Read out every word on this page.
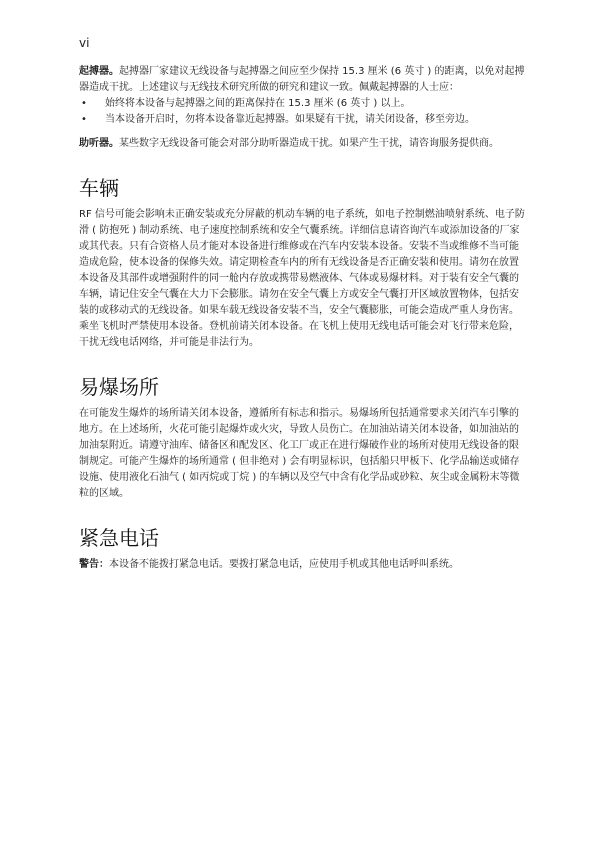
vi

起搏器。起搏器厂家建议无线设备与起搏器之间应至少保持 15.3 厘米 (6 英寸 ) 的距离，以免对起搏器造成干扰。上述建议与无线技术研究所做的研究和建议一致。佩戴起搏器的人士应：

• 始终将本设备与起搏器之间的距离保持在 15.3 厘米 (6 英寸 ) 以上。
• 当本设备开启时，勿将本设备靠近起搏器。如果疑有干扰，请关闭设备，移至旁边。

助听器。某些数字无线设备可能会对部分助听器造成干扰。如果产生干扰，请咨询服务提供商。

车辆

RF 信号可能会影响未正确安装或充分屏蔽的机动车辆的电子系统，如电子控制燃油喷射系统、电子防滑 ( 防抱死 ) 制动系统、电子速度控制系统和安全气囊系统。详细信息请咨询汽车或添加设备的厂家或其代表。只有合资格人员才能对本设备进行维修或在汽车内安装本设备。安装不当或维修不当可能造成危险，使本设备的保修失效。请定期检查车内的所有无线设备是否正确安装和使用。请勿在放置本设备及其部件或增强附件的同一舱内存放或携带易燃液体、气体或易爆材料。对于装有安全气囊的车辆，请记住安全气囊在大力下会膨胀。请勿在安全气囊上方或安全气囊打开区域放置物体，包括安装的或移动式的无线设备。如果车载无线设备安装不当，安全气囊膨胀，可能会造成严重人身伤害。乘坐飞机时严禁使用本设备。登机前请关闭本设备。在飞机上使用无线电话可能会对飞行带来危险，干扰无线电话网络，并可能是非法行为。

易爆场所

在可能发生爆炸的场所请关闭本设备，遵循所有标志和指示。易爆场所包括通常要求关闭汽车引擎的地方。在上述场所，火花可能引起爆炸或火灾，导致人员伤亡。在加油站请关闭本设备，如加油站的加油泵附近。请遵守油库、储备区和配发区、化工厂或正在进行爆破作业的场所对使用无线设备的限制规定。可能产生爆炸的场所通常 ( 但非绝对 ) 会有明显标识，包括船只甲板下、化学品输送或储存设施、使用液化石油气 ( 如丙烷或丁烷 ) 的车辆以及空气中含有化学品或砂粒、灰尘或金属粉末等微粒的区域。

紧急电话

警告：本设备不能拨打紧急电话。要拨打紧急电话，应使用手机或其他电话呼叫系统。
